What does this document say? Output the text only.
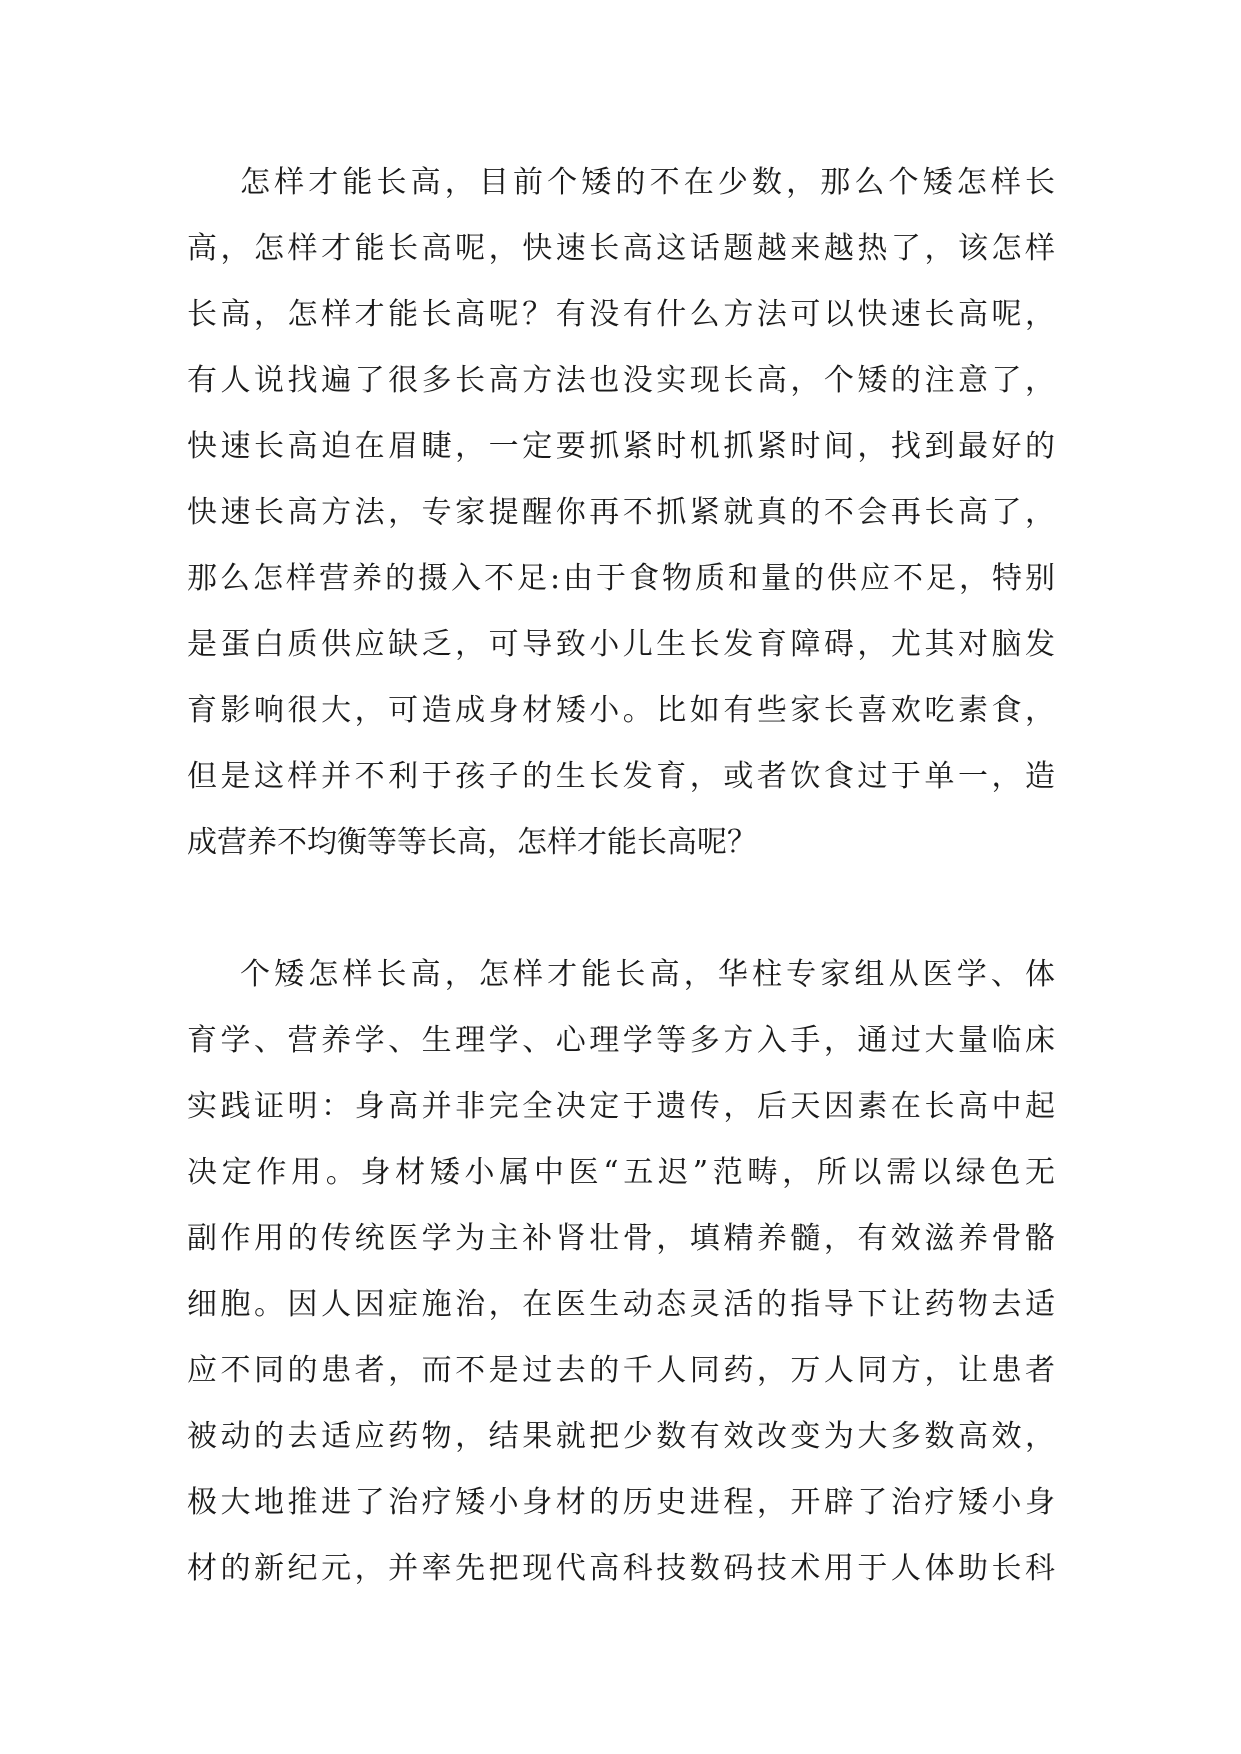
怎样才能长高，目前个矮的不在少数，那么个矮怎样长
高，怎样才能长高呢，快速长高这话题越来越热了，该怎样
长高，怎样才能长高呢？有没有什么方法可以快速长高呢，
有人说找遍了很多长高方法也没实现长高，个矮的注意了，
快速长高迫在眉睫，一定要抓紧时机抓紧时间，找到最好的
快速长高方法，专家提醒你再不抓紧就真的不会再长高了，
那么怎样营养的摄入不足:由于食物质和量的供应不足，特别
是蛋白质供应缺乏，可导致小儿生长发育障碍，尤其对脑发
育影响很大，可造成身材矮小。比如有些家长喜欢吃素食，
但是这样并不利于孩子的生长发育，或者饮食过于单一，造
成营养不均衡等等长高，怎样才能长高呢？
个矮怎样长高，怎样才能长高，华柱专家组从医学、体
育学、营养学、生理学、心理学等多方入手，通过大量临床
实践证明：身高并非完全决定于遗传，后天因素在长高中起
决定作用。身材矮小属中医“五迟”范畴，所以需以绿色无
副作用的传统医学为主补肾壮骨，填精养髓，有效滋养骨骼
细胞。因人因症施治，在医生动态灵活的指导下让药物去适
应不同的患者，而不是过去的千人同药，万人同方，让患者
被动的去适应药物，结果就把少数有效改变为大多数高效，
极大地推进了治疗矮小身材的历史进程，开辟了治疗矮小身
材的新纪元，并率先把现代高科技数码技术用于人体助长科
